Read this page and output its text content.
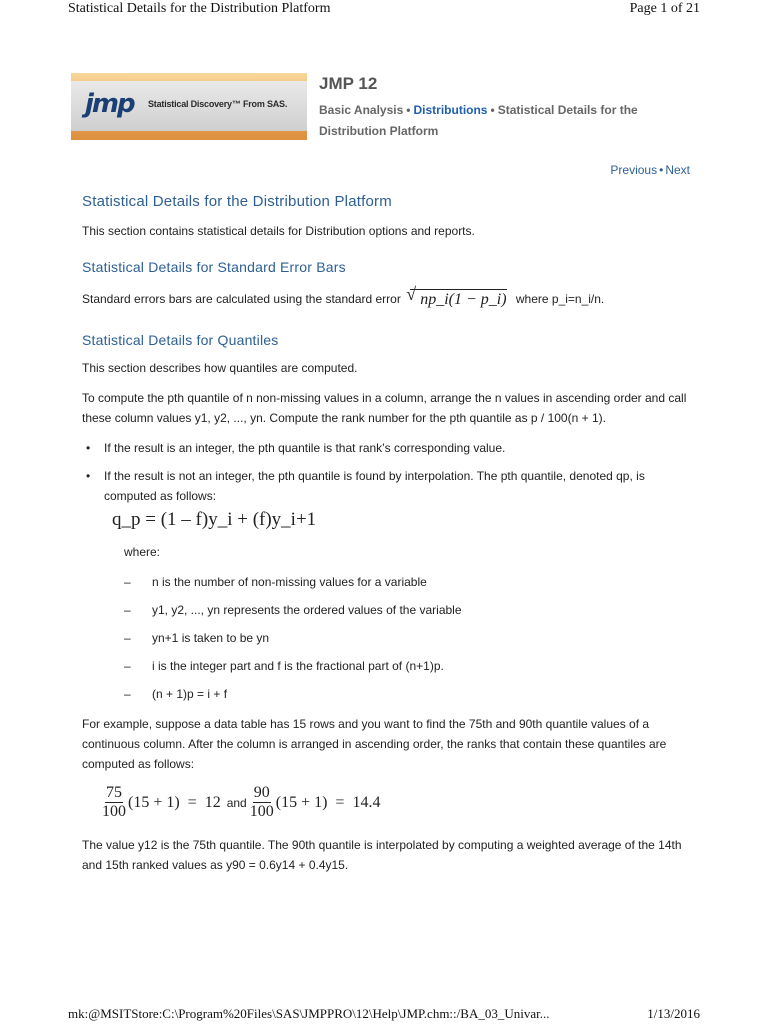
Statistical Details for the Distribution Platform	Page 1 of 21
jmp Statistical Discovery™ From SAS.
JMP 12
Basic Analysis • Distributions • Statistical Details for the Distribution Platform
Previous • Next
Statistical Details for the Distribution Platform

This section contains statistical details for Distribution options and reports.

Statistical Details for Standard Error Bars

Standard errors bars are calculated using the standard error √ np_i(1 − p_i) where p_i=n_i/n.

Statistical Details for Quantiles

This section describes how quantiles are computed.

To compute the pth quantile of n non-missing values in a column, arrange the n values in ascending order and call these column values y1, y2, ..., yn. Compute the rank number for the pth quantile as p / 100(n + 1).

• If the result is an integer, the pth quantile is that rank’s corresponding value.
• If the result is not an integer, the pth quantile is found by interpolation. The pth quantile, denoted qp, is computed as follows:
q_p = (1 – f)y_i + (f)y_i+1
where:
– n is the number of non-missing values for a variable
– y1, y2, ..., yn represents the ordered values of the variable
– yn+1 is taken to be yn
– i is the integer part and f is the fractional part of (n+1)p.
– (n + 1)p = i + f

For example, suppose a data table has 15 rows and you want to find the 75th and 90th quantile values of a continuous column. After the column is arranged in ascending order, the ranks that contain these quantiles are computed as follows:

$\frac{75}{100} (15 + 1) = 12$ and $\frac{90}{100} (15 + 1) = 14.4$

The value y12 is the 75th quantile. The 90th quantile is interpolated by computing a weighted average of the 14th and 15th ranked values as y90 = 0.6y14 + 0.4y15.

mk:@MSITStore:C:\Program%20Files\SAS\JMPPRO\12\Help\JMP.chm::/BA_03_Univar...	1/13/2016
